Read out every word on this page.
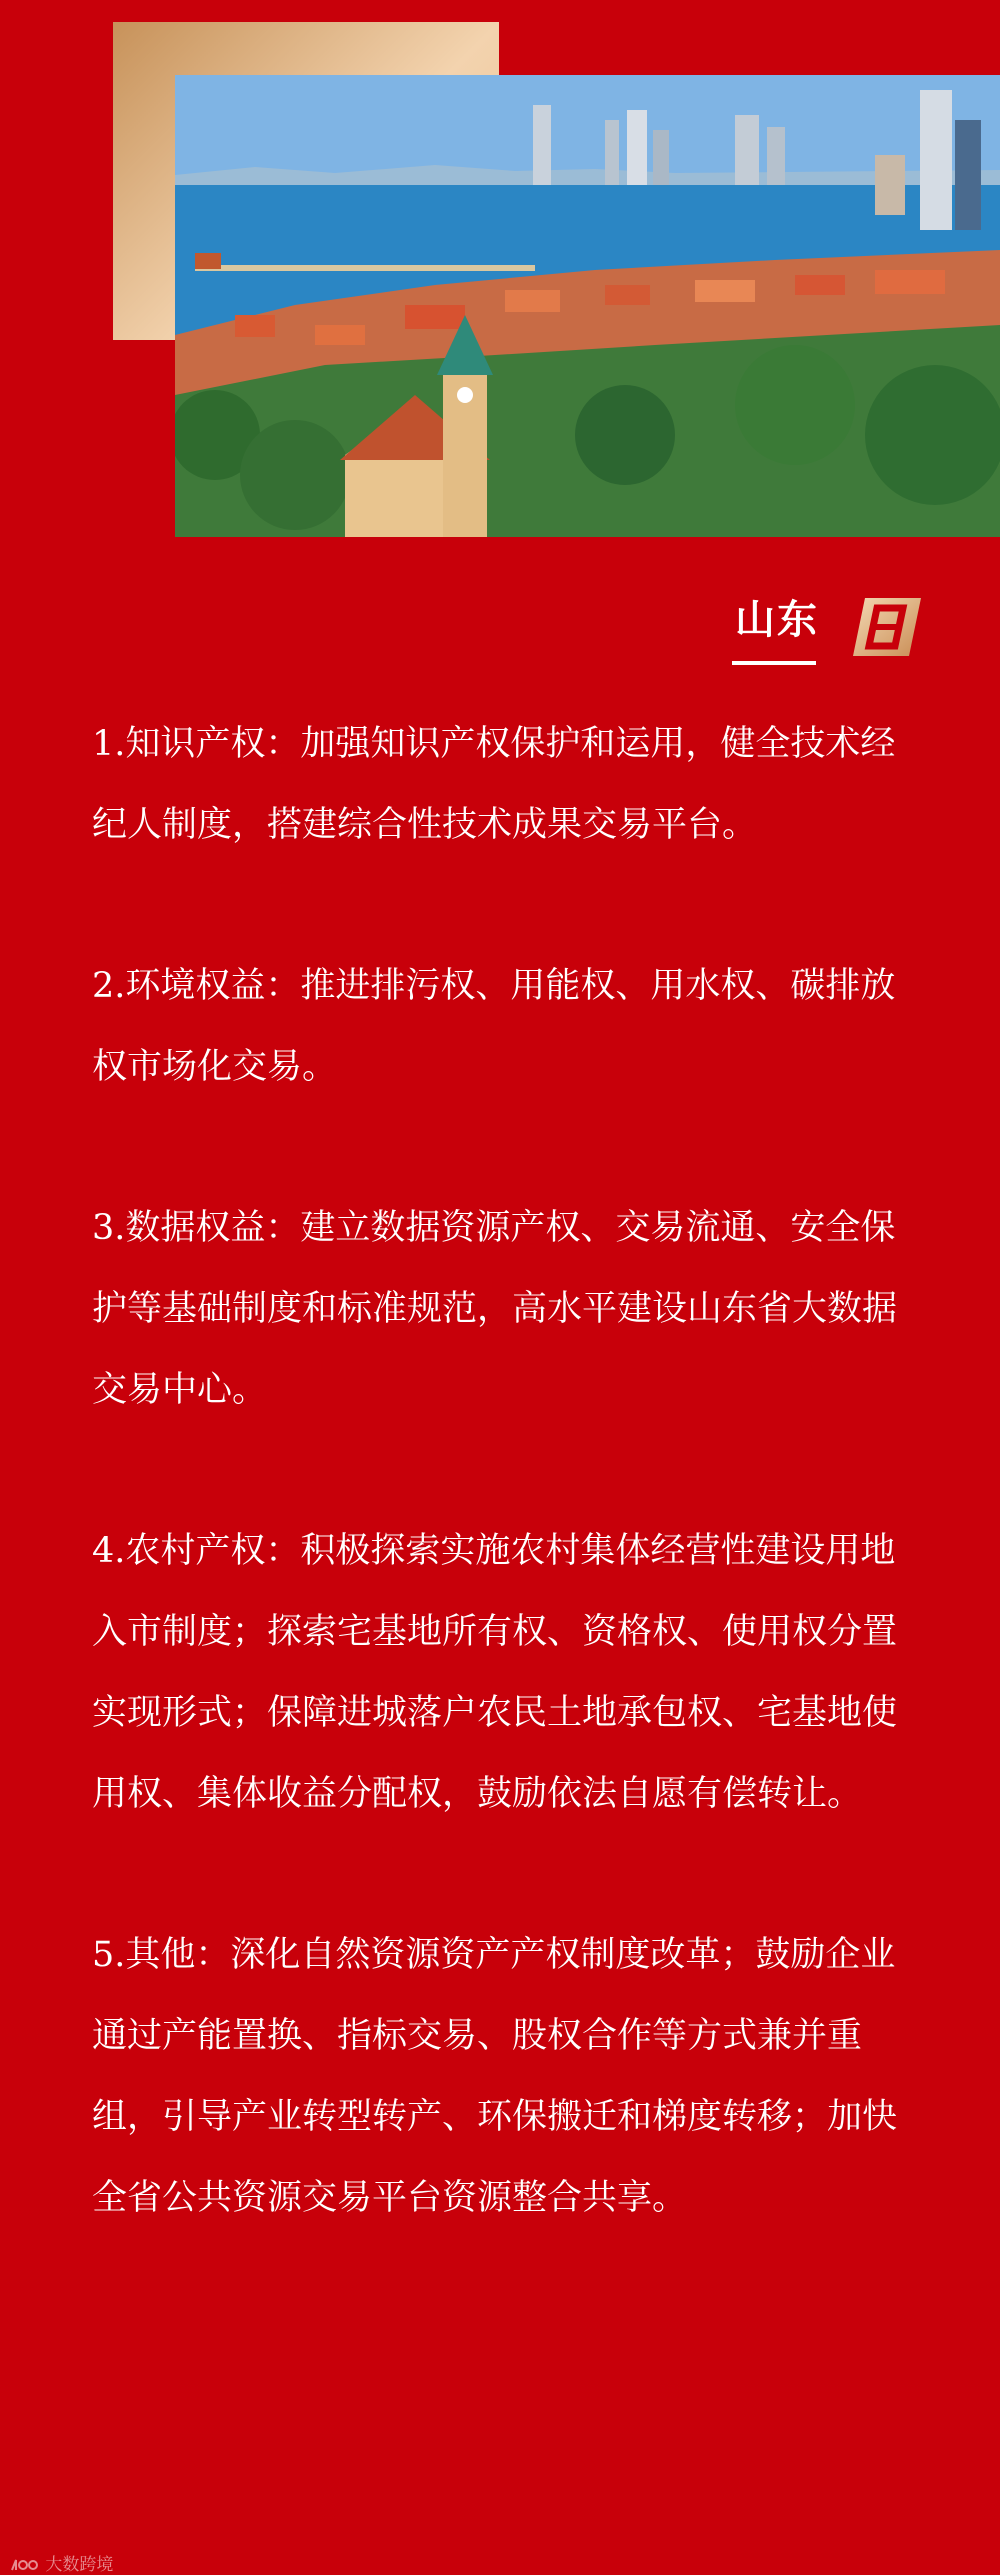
山东

1.知识产权：加强知识产权保护和运用，健全技术经纪人制度，搭建综合性技术成果交易平台。

2.环境权益：推进排污权、用能权、用水权、碳排放权市场化交易。

3.数据权益：建立数据资源产权、交易流通、安全保护等基础制度和标准规范，高水平建设山东省大数据交易中心。

4.农村产权：积极探索实施农村集体经营性建设用地入市制度；探索宅基地所有权、资格权、使用权分置实现形式；保障进城落户农民土地承包权、宅基地使用权、集体收益分配权，鼓励依法自愿有偿转让。

5.其他：深化自然资源资产产权制度改革；鼓励企业通过产能置换、指标交易、股权合作等方式兼并重组，引导产业转型转产、环保搬迁和梯度转移；加快全省公共资源交易平台资源整合共享。

大数跨境
